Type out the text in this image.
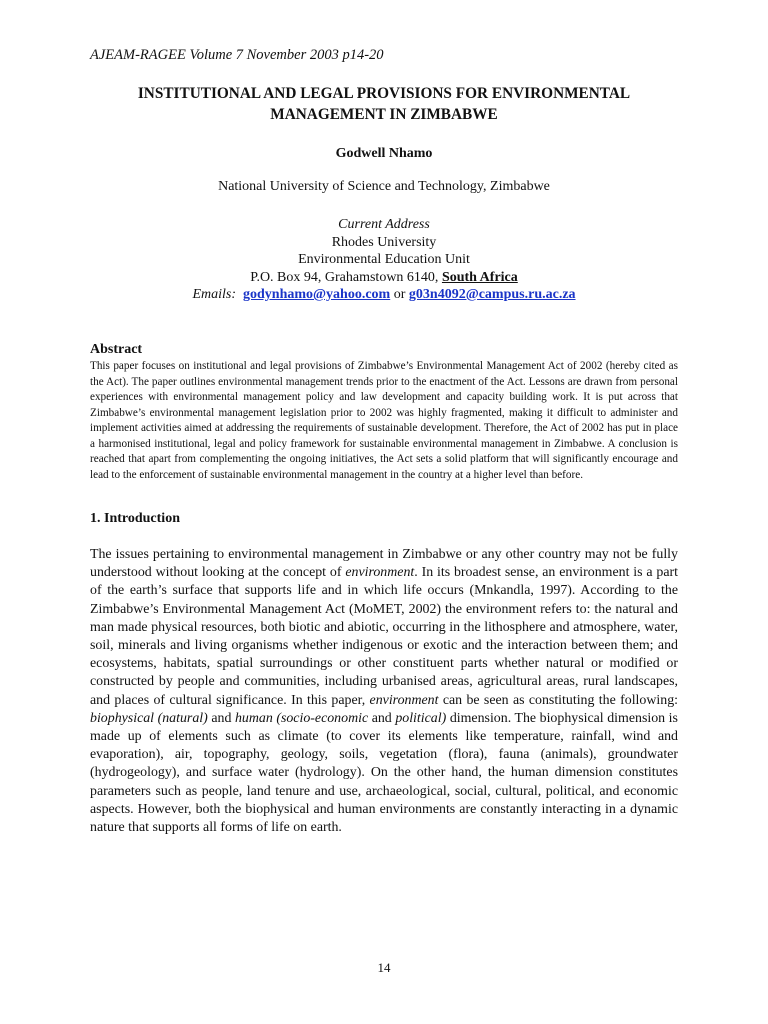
AJEAM-RAGEE Volume 7 November 2003 p14-20
INSTITUTIONAL AND LEGAL PROVISIONS FOR ENVIRONMENTAL
MANAGEMENT IN ZIMBABWE
Godwell Nhamo
National University of Science and Technology, Zimbabwe
Current Address
Rhodes University
Environmental Education Unit
P.O. Box 94, Grahamstown 6140, South Africa
Emails: godynhamo@yahoo.com or g03n4092@campus.ru.ac.za
Abstract
This paper focuses on institutional and legal provisions of Zimbabwe’s Environmental Management Act of 2002 (hereby cited as the Act). The paper outlines environmental management trends prior to the enactment of the Act. Lessons are drawn from personal experiences with environmental management policy and law development and capacity building work. It is put across that Zimbabwe’s environmental management legislation prior to 2002 was highly fragmented, making it difficult to administer and implement activities aimed at addressing the requirements of sustainable development. Therefore, the Act of 2002 has put in place a harmonised institutional, legal and policy framework for sustainable environmental management in Zimbabwe. A conclusion is reached that apart from complementing the ongoing initiatives, the Act sets a solid platform that will significantly encourage and lead to the enforcement of sustainable environmental management in the country at a higher level than before.
1. Introduction
The issues pertaining to environmental management in Zimbabwe or any other country may not be fully understood without looking at the concept of environment. In its broadest sense, an environment is a part of the earth’s surface that supports life and in which life occurs (Mnkandla, 1997). According to the Zimbabwe’s Environmental Management Act (MoMET, 2002) the environment refers to: the natural and man made physical resources, both biotic and abiotic, occurring in the lithosphere and atmosphere, water, soil, minerals and living organisms whether indigenous or exotic and the interaction between them; and ecosystems, habitats, spatial surroundings or other constituent parts whether natural or modified or constructed by people and communities, including urbanised areas, agricultural areas, rural landscapes, and places of cultural significance. In this paper, environment can be seen as constituting the following: biophysical (natural) and human (socio-economic and political) dimension. The biophysical dimension is made up of elements such as climate (to cover its elements like temperature, rainfall, wind and evaporation), air, topography, geology, soils, vegetation (flora), fauna (animals), groundwater (hydrogeology), and surface water (hydrology). On the other hand, the human dimension constitutes parameters such as people, land tenure and use, archaeological, social, cultural, political, and economic aspects. However, both the biophysical and human environments are constantly interacting in a dynamic nature that supports all forms of life on earth.
14
